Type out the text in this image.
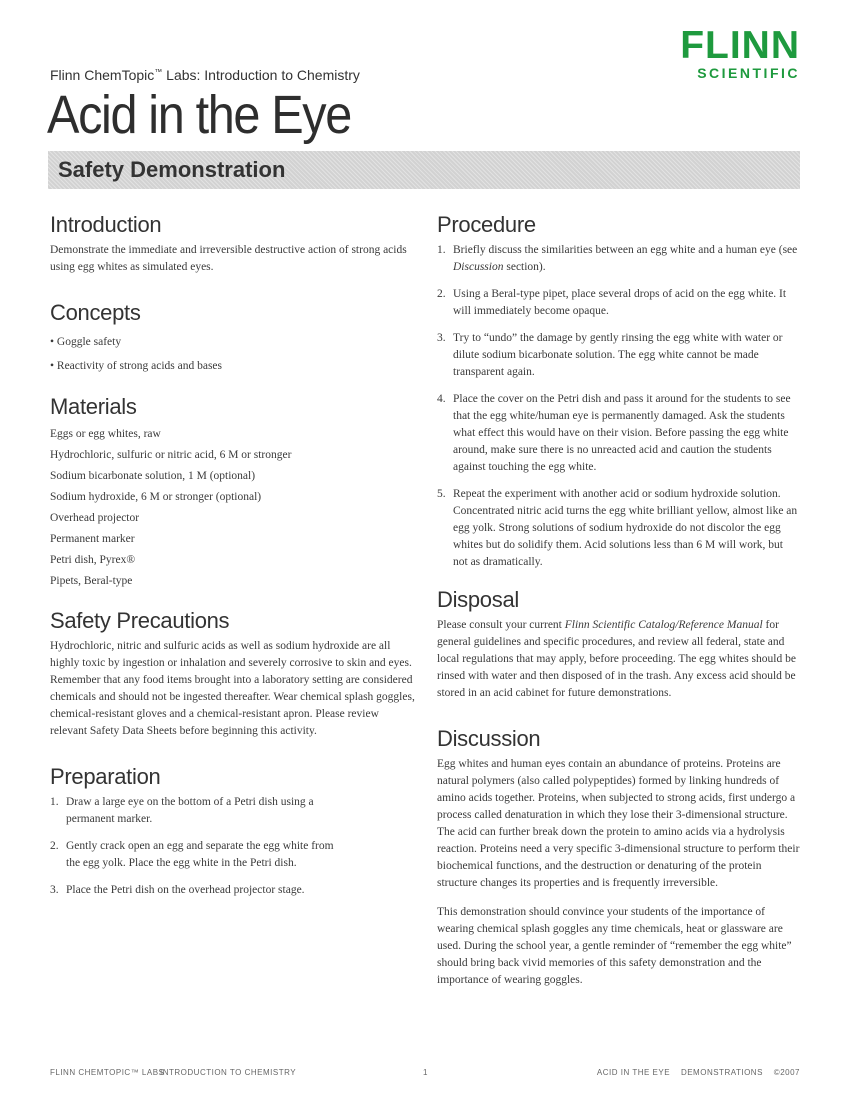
FLINN
SCIENTIFIC
Flinn ChemTopic™ Labs: Introduction to Chemistry
Acid in the Eye
Safety Demonstration
Introduction

Demonstrate the immediate and irreversible destructive action of strong acids using egg whites as simulated eyes.

Concepts
• Goggle safety
• Reactivity of strong acids and bases
Materials
Eggs or egg whites, raw
Hydrochloric, sulfuric or nitric acid, 6 M or stronger
Sodium bicarbonate solution, 1 M (optional)
Sodium hydroxide, 6 M or stronger (optional)
Overhead projector
Permanent marker
Petri dish, Pyrex®
Pipets, Beral-type
Safety Precautions

Hydrochloric, nitric and sulfuric acids as well as sodium hydroxide are all highly toxic by ingestion or inhalation and severely corrosive to skin and eyes. Remember that any food items brought into a laboratory setting are considered chemicals and should not be ingested thereafter. Wear chemical splash goggles, chemical-resistant gloves and a chemical-resistant apron. Please review relevant Safety Data Sheets before beginning this activity.

Preparation
1. Draw a large eye on the bottom of a Petri dish using a permanent marker.
2. Gently crack open an egg and separate the egg white from the egg yolk. Place the egg white in the Petri dish.
3. Place the Petri dish on the overhead projector stage.
Procedure
1. Briefly discuss the similarities between an egg white and a human eye (see Discussion section).
2. Using a Beral-type pipet, place several drops of acid on the egg white. It will immediately become opaque.
3. Try to “undo” the damage by gently rinsing the egg white with water or dilute sodium bicarbonate solution. The egg white cannot be made transparent again.
4. Place the cover on the Petri dish and pass it around for the students to see that the egg white/human eye is permanently damaged. Ask the students what effect this would have on their vision. Before passing the egg white around, make sure there is no unreacted acid and caution the students against touching the egg white.
5. Repeat the experiment with another acid or sodium hydroxide solution. Concentrated nitric acid turns the egg white brilliant yellow, almost like an egg yolk. Strong solutions of sodium hydroxide do not discolor the egg whites but do solidify them. Acid solutions less than 6 M will work, but not as dramatically.
Disposal

Please consult your current Flinn Scientific Catalog/Reference Manual for general guidelines and specific procedures, and review all federal, state and local regulations that may apply, before proceeding. The egg whites should be rinsed with water and then disposed of in the trash. Any excess acid should be stored in an acid cabinet for future demonstrations.

Discussion

Egg whites and human eyes contain an abundance of proteins. Proteins are natural polymers (also called polypeptides) formed by linking hundreds of amino acids together. Proteins, when subjected to strong acids, first undergo a process called denaturation in which they lose their 3-dimensional structure. The acid can further break down the protein to amino acids via a hydrolysis reaction. Proteins need a very specific 3-dimensional structure to perform their biochemical functions, and the destruction or denaturing of the protein structure changes its properties and is frequently irreversible.

This demonstration should convince your students of the importance of wearing chemical splash goggles any time chemicals, heat or glassware are used. During the school year, a gentle reminder of “remember the egg white” should bring back vivid memories of this safety demonstration and the importance of wearing goggles.

FLINN CHEMTOPIC™ LABS
INTRODUCTION TO CHEMISTRY	1	ACID IN THE EYE    DEMONSTRATIONS    ©2007
